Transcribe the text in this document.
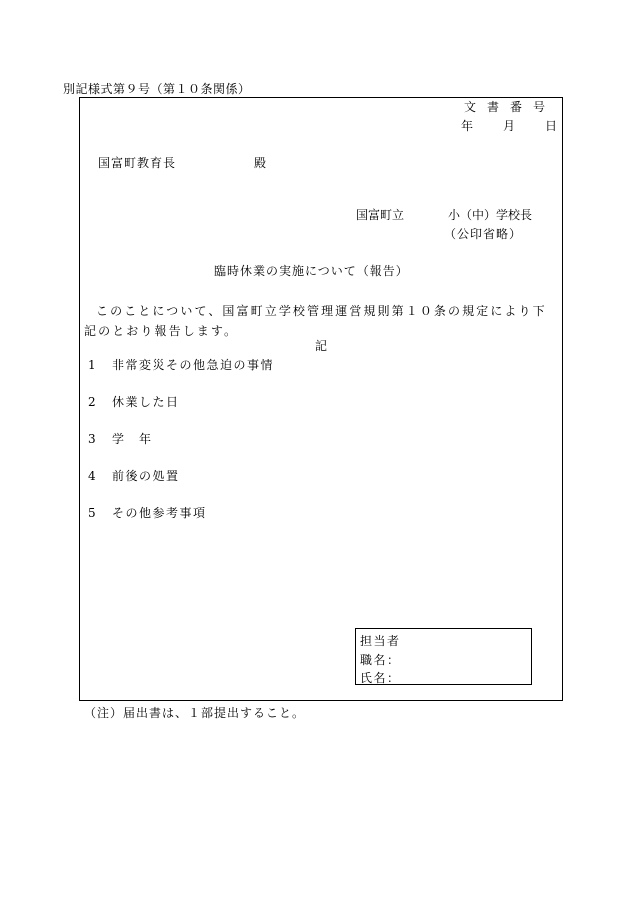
別記様式第９号（第１０条関係）
文書番号
年 月 日
国富町教育長	殿
国富町立	小（中）学校長
（公印省略）
臨時休業の実施について（報告）
このことについて、国富町立学校管理運営規則第１０条の規定により下記のとおり報告します。
記
1	非常変災その他急迫の事情
2	休業した日
3	学　年
4	前後の処置
5	その他参考事項
担当者
職名：
氏名：
（注）届出書は、１部提出すること。
